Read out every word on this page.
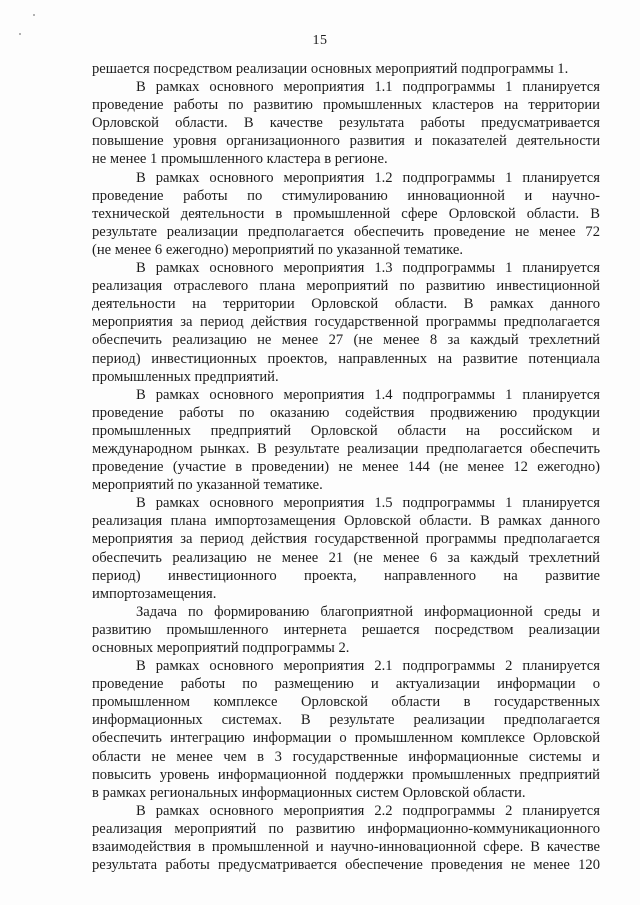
15
решается посредством реализации основных мероприятий подпрограммы 1.
В рамках основного мероприятия 1.1 подпрограммы 1 планируется
проведение работы по развитию промышленных кластеров на территории
Орловской области. В качестве результата работы предусматривается
повышение уровня организационного развития и показателей деятельности
не менее 1 промышленного кластера в регионе.
В рамках основного мероприятия 1.2 подпрограммы 1 планируется
проведение работы по стимулированию инновационной и научно-
технической деятельности в промышленной сфере Орловской области. В
результате реализации предполагается обеспечить проведение не менее 72
(не менее 6 ежегодно) мероприятий по указанной тематике.
В рамках основного мероприятия 1.3 подпрограммы 1 планируется
реализация отраслевого плана мероприятий по развитию инвестиционной
деятельности на территории Орловской области. В рамках данного
мероприятия за период действия государственной программы предполагается
обеспечить реализацию не менее 27 (не менее 8 за каждый трехлетний
период) инвестиционных проектов, направленных на развитие потенциала
промышленных предприятий.
В рамках основного мероприятия 1.4 подпрограммы 1 планируется
проведение работы по оказанию содействия продвижению продукции
промышленных предприятий Орловской области на российском и
международном рынках. В результате реализации предполагается обеспечить
проведение (участие в проведении) не менее 144 (не менее 12 ежегодно)
мероприятий по указанной тематике.
В рамках основного мероприятия 1.5 подпрограммы 1 планируется
реализация плана импортозамещения Орловской области. В рамках данного
мероприятия за период действия государственной программы предполагается
обеспечить реализацию не менее 21 (не менее 6 за каждый трехлетний
период) инвестиционного проекта, направленного на развитие
импортозамещения.
Задача по формированию благоприятной информационной среды и
развитию промышленного интернета решается посредством реализации
основных мероприятий подпрограммы 2.
В рамках основного мероприятия 2.1 подпрограммы 2 планируется
проведение работы по размещению и актуализации информации о
промышленном комплексе Орловской области в государственных
информационных системах. В результате реализации предполагается
обеспечить интеграцию информации о промышленном комплексе Орловской
области не менее чем в 3 государственные информационные системы и
повысить уровень информационной поддержки промышленных предприятий
в рамках региональных информационных систем Орловской области.
В рамках основного мероприятия 2.2 подпрограммы 2 планируется
реализация мероприятий по развитию информационно-коммуникационного
взаимодействия в промышленной и научно-инновационной сфере. В качестве
результата работы предусматривается обеспечение проведения не менее 120
